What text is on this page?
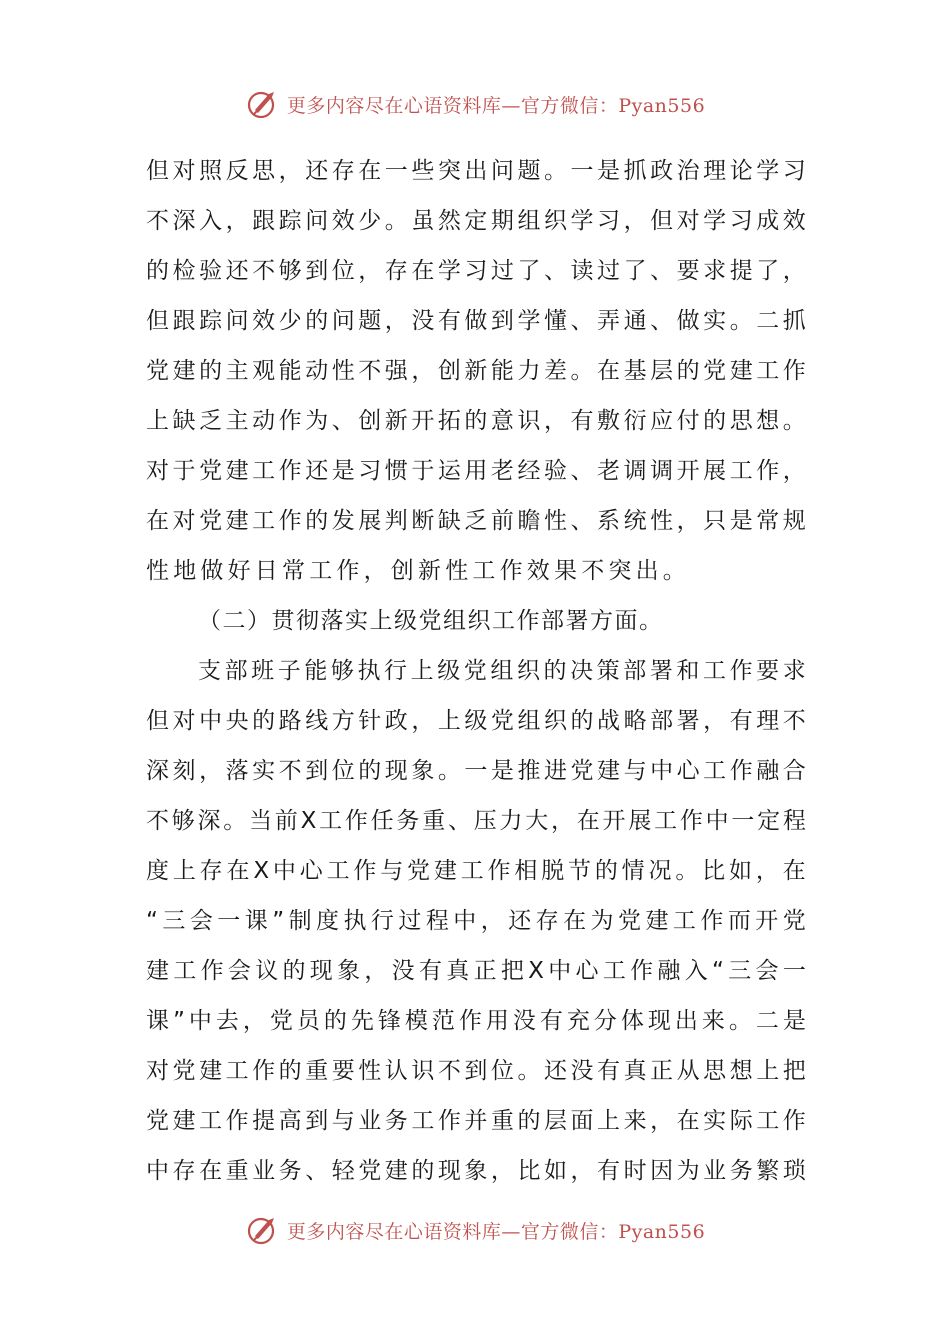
更多内容尽在心语资料库—官方微信：Pyan556
但 对 照 反 思 ， 还 存 在 一 些 突 出 问 题 。 一 是 抓 政 治 理 论 学 习
不 深 入 ， 跟 踪 问 效 少 。 虽 然 定 期 组 织 学 习 ， 但 对 学 习 成 效
的 检 验 还 不 够 到 位 ， 存 在 学 习 过 了 、 读 过 了 、 要 求 提 了 ，
但 跟 踪 问 效 少 的 问 题 ， 没 有 做 到 学 懂 、 弄 通 、 做 实 。 二 抓
党 建 的 主 观 能 动 性 不 强 ， 创 新 能 力 差 。 在 基 层 的 党 建 工 作
上 缺 乏 主 动 作 为 、 创 新 开 拓 的 意 识 ， 有 敷 衍 应 付 的 思 想 。
对 于 党 建 工 作 还 是 习 惯 于 运 用 老 经 验 、 老 调 调 开 展 工 作 ，
在 对 党 建 工 作 的 发 展 判 断 缺 乏 前 瞻 性 、 系 统 性 ， 只 是 常 规
性地做好日常工作，创新性工作效果不突出。
（二）贯彻落实上级党组织工作部署方面。
支 部 班 子 能 够 执 行 上 级 党 组 织 的 决 策 部 署 和 工 作 要 求
但 对 中 央 的 路 线 方 针 政 ， 上 级 党 组 织 的 战 略 部 署 ， 有 理 不
深 刻 ， 落 实 不 到 位 的 现 象 。 一 是 推 进 党 建 与 中 心 工 作 融 合
不 够 深 。 当 前 X 工 作 任 务 重 、 压 力 大 ， 在 开 展 工 作 中 一 定 程
度 上 存 在 X 中 心 工 作 与 党 建 工 作 相 脱 节 的 情 况 。 比 如 ， 在
“ 三 会 一 课 ” 制 度 执 行 过 程 中 ， 还 存 在 为 党 建 工 作 而 开 党
建 工 作 会 议 的 现 象 ， 没 有 真 正 把 X 中 心 工 作 融 入 “ 三 会 一
课 ” 中 去 ， 党 员 的 先 锋 模 范 作 用 没 有 充 分 体 现 出 来 。 二 是
对 党 建 工 作 的 重 要 性 认 识 不 到 位 。 还 没 有 真 正 从 思 想 上 把
党 建 工 作 提 高 到 与 业 务 工 作 并 重 的 层 面 上 来 ， 在 实 际 工 作
中 存 在 重 业 务 、 轻 党 建 的 现 象 ， 比 如 ， 有 时 因 为 业 务 繁 琐
更多内容尽在心语资料库—官方微信：Pyan556
